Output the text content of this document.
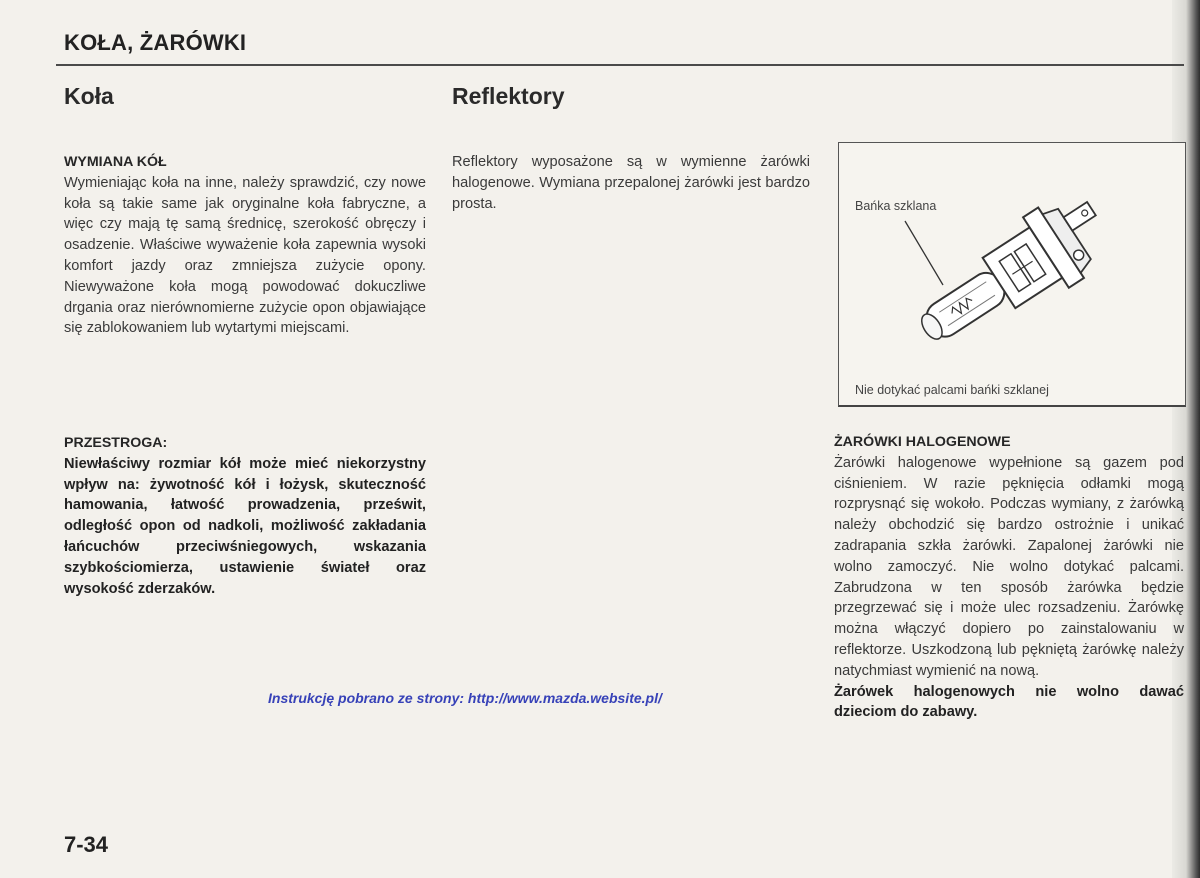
KOŁA, ŻARÓWKI
Koła	Reflektory

WYMIANA KÓŁ

Wymieniając koła na inne, należy sprawdzić, czy nowe koła są takie same jak oryginalne koła fabryczne, a więc czy mają tę samą średnicę, szerokość obręczy i osadzenie. Właściwe wyważenie koła zapewnia wysoki komfort jazdy oraz zmniejsza zużycie opony. Niewyważone koła mogą powodować dokuczliwe drgania oraz nierównomierne zużycie opon objawiające się zablokowaniem lub wytartymi miejscami.

PRZESTROGA:

Niewłaściwy rozmiar kół może mieć niekorzystny wpływ na: żywotność kół i łożysk, skuteczność hamowania, łatwość prowadzenia, prześwit, odległość opon od nadkoli, możliwość zakładania łańcuchów przeciwśniegowych, wskazania szybkościomierza, ustawienie świateł oraz wysokość zderzaków.

Reflektory wyposażone są w wymienne żarówki halogenowe. Wymiana przepalonej żarówki jest bardzo prosta.	Bańka szklana
Nie dotykać palcami bańki szklanej

ŻARÓWKI HALOGENOWE

Żarówki halogenowe wypełnione są gazem pod ciśnieniem. W razie pęknięcia odłamki mogą rozprysnąć się wokoło. Podczas wymiany, z żarówką należy obchodzić się bardzo ostrożnie i unikać zadrapania szkła żarówki. Zapalonej żarówki nie wolno zamoczyć. Nie wolno dotykać palcami. Zabrudzona w ten sposób żarówka będzie przegrzewać się i może ulec rozsadzeniu. Żarówkę można włączyć dopiero po zainstalowaniu w reflektorze. Uszkodzoną lub pękniętą żarówkę należy natychmiast wymienić na nową.

Żarówek halogenowych nie wolno dawać dzieciom do zabawy.

Instrukcję pobrano ze strony: http://www.mazda.website.pl/
7-34
